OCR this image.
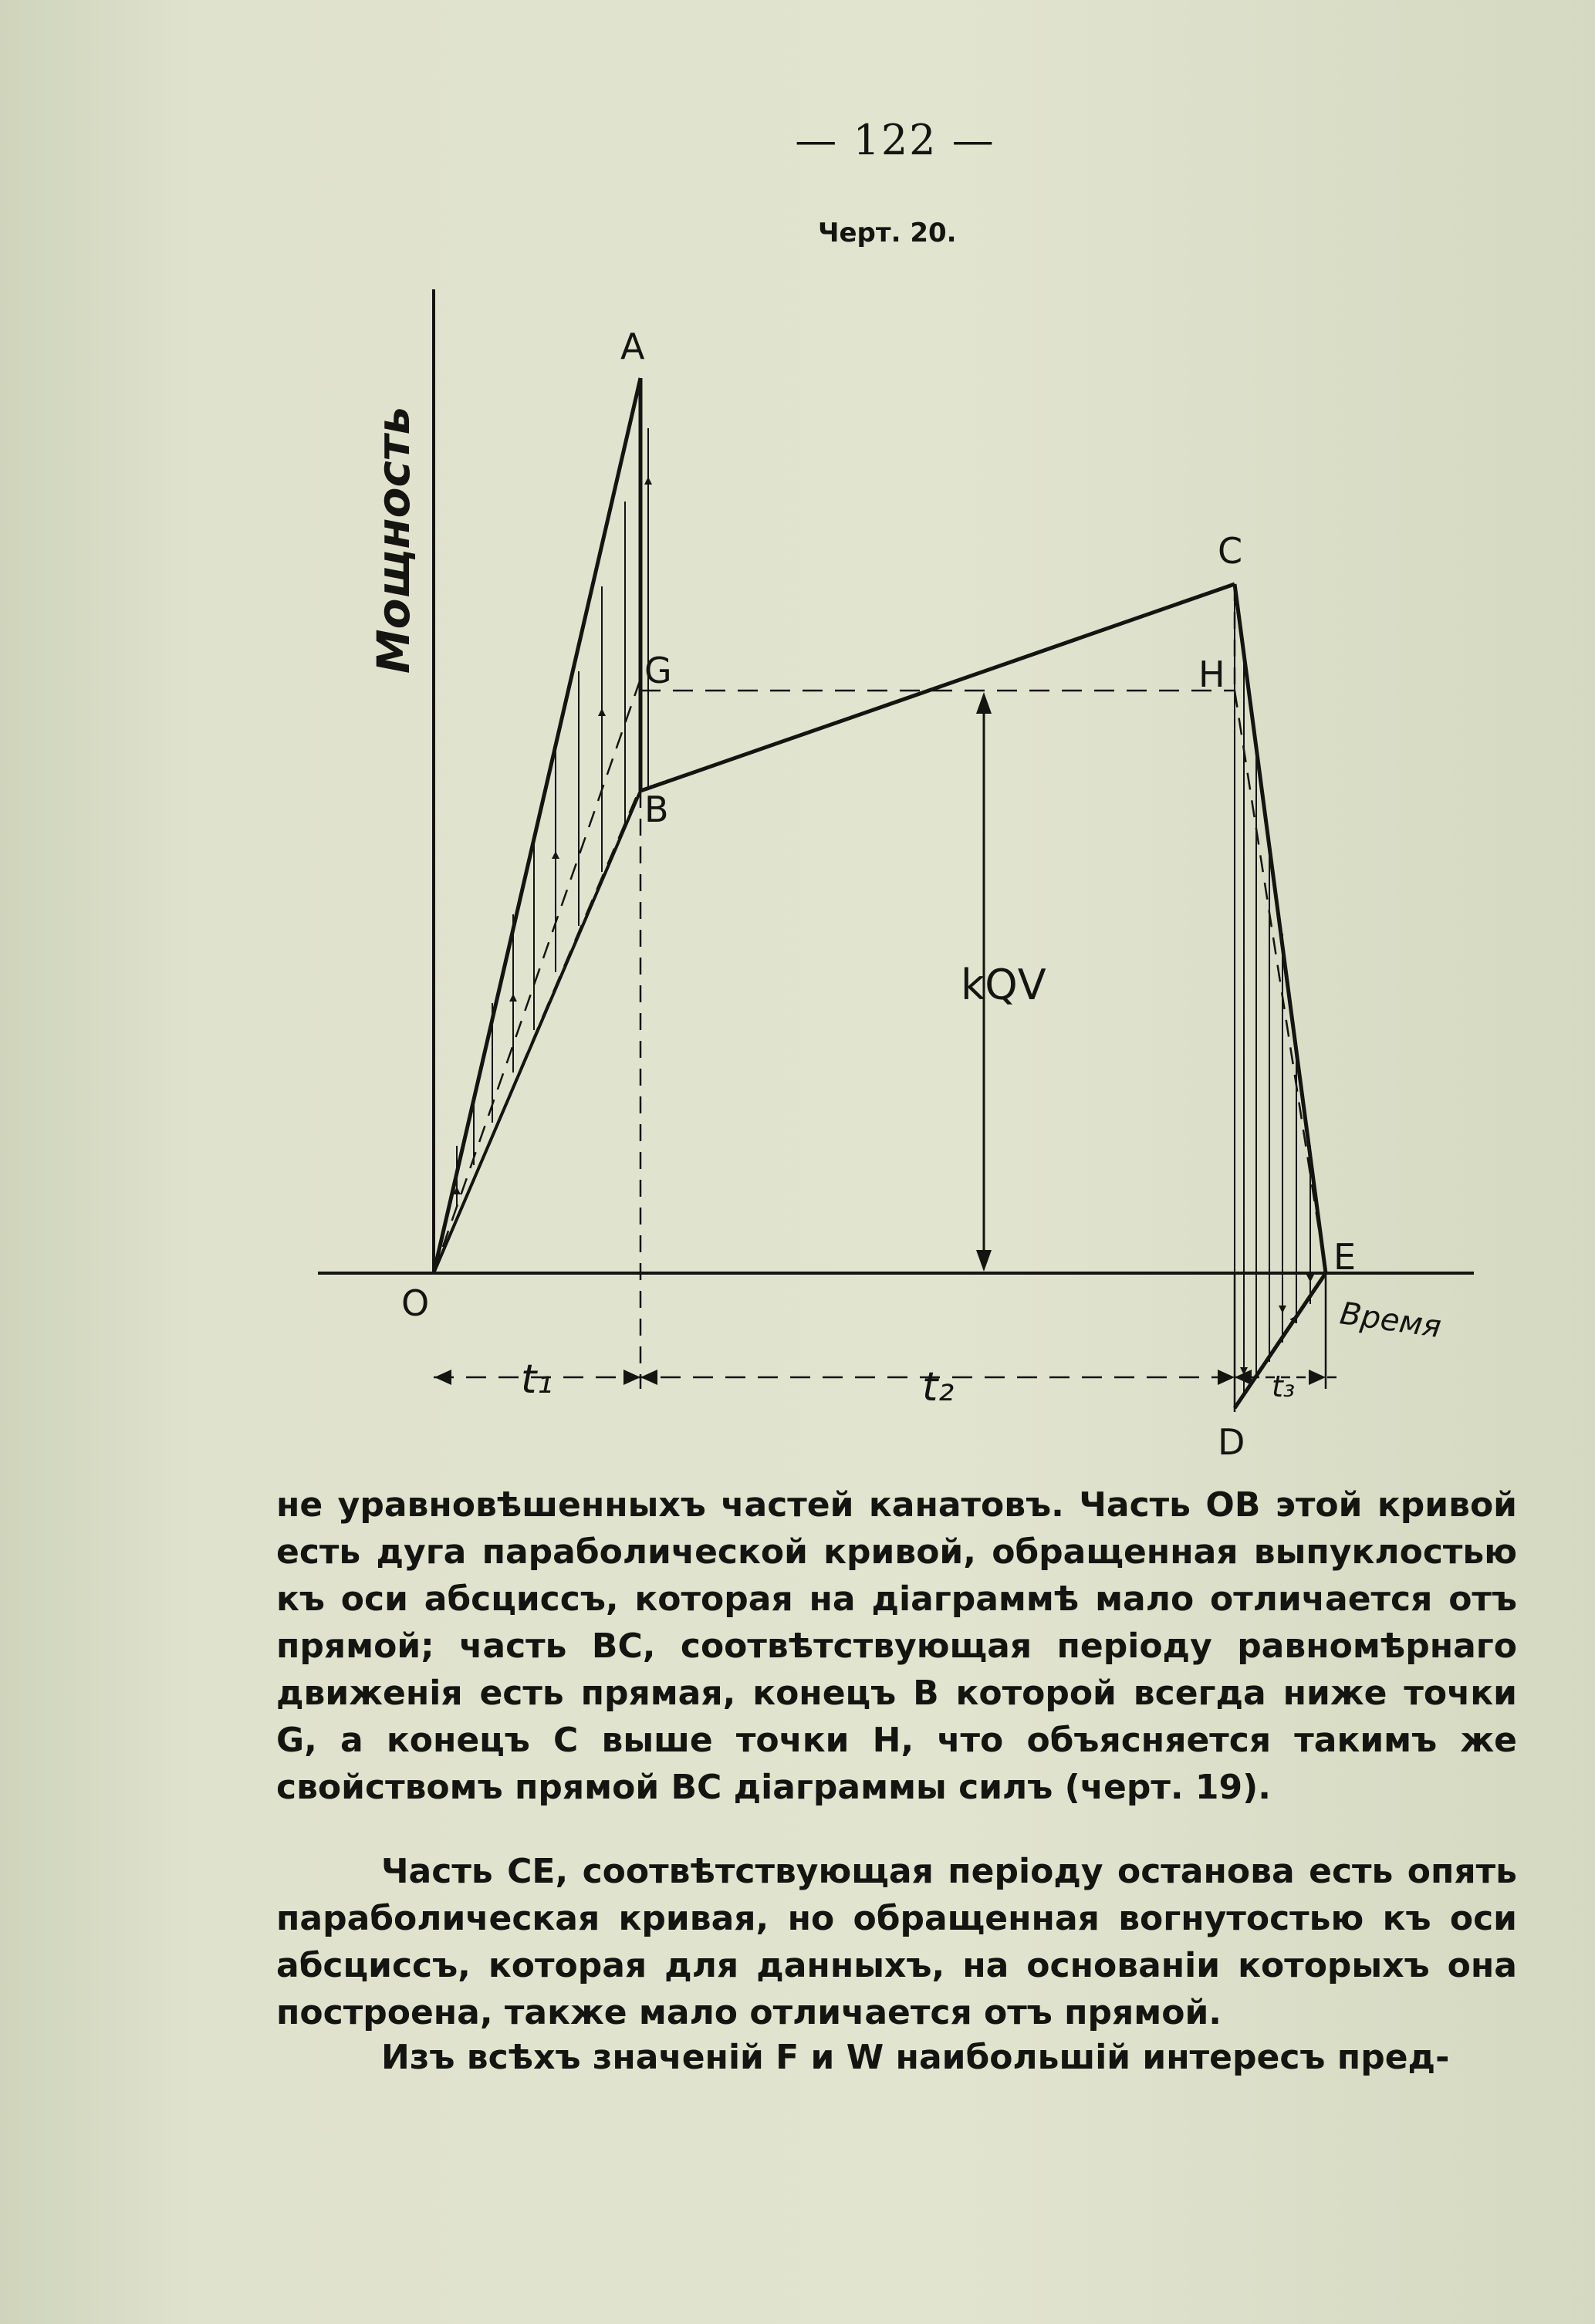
— 122 —
Черт. 20.
Мощность
Время
O
A
G
B
C
H
D
E
kQV
t₁	t₂	t₃
не уравновѣшенныхъ частей канатовъ. Часть OB этой кривой есть дуга параболической кривой, обращенная выпуклостью къ оси абсциссъ, которая на діаграммѣ мало отличается отъ прямой; часть BC, соотвѣтствующая періоду равномѣрнаго движенія есть прямая, конецъ B которой всегда ниже точки G, а конецъ C выше точки H, что объясняется такимъ же свойствомъ прямой BC діаграммы силъ (черт. 19).
Часть CE, соотвѣтствующая періоду останова есть опять параболическая кривая, но обращенная вогнутостью къ оси абсциссъ, которая для данныхъ, на основаніи которыхъ она построена, также мало отличается отъ прямой.
Изъ всѣхъ значеній F и W наибольшій интересъ пред-
